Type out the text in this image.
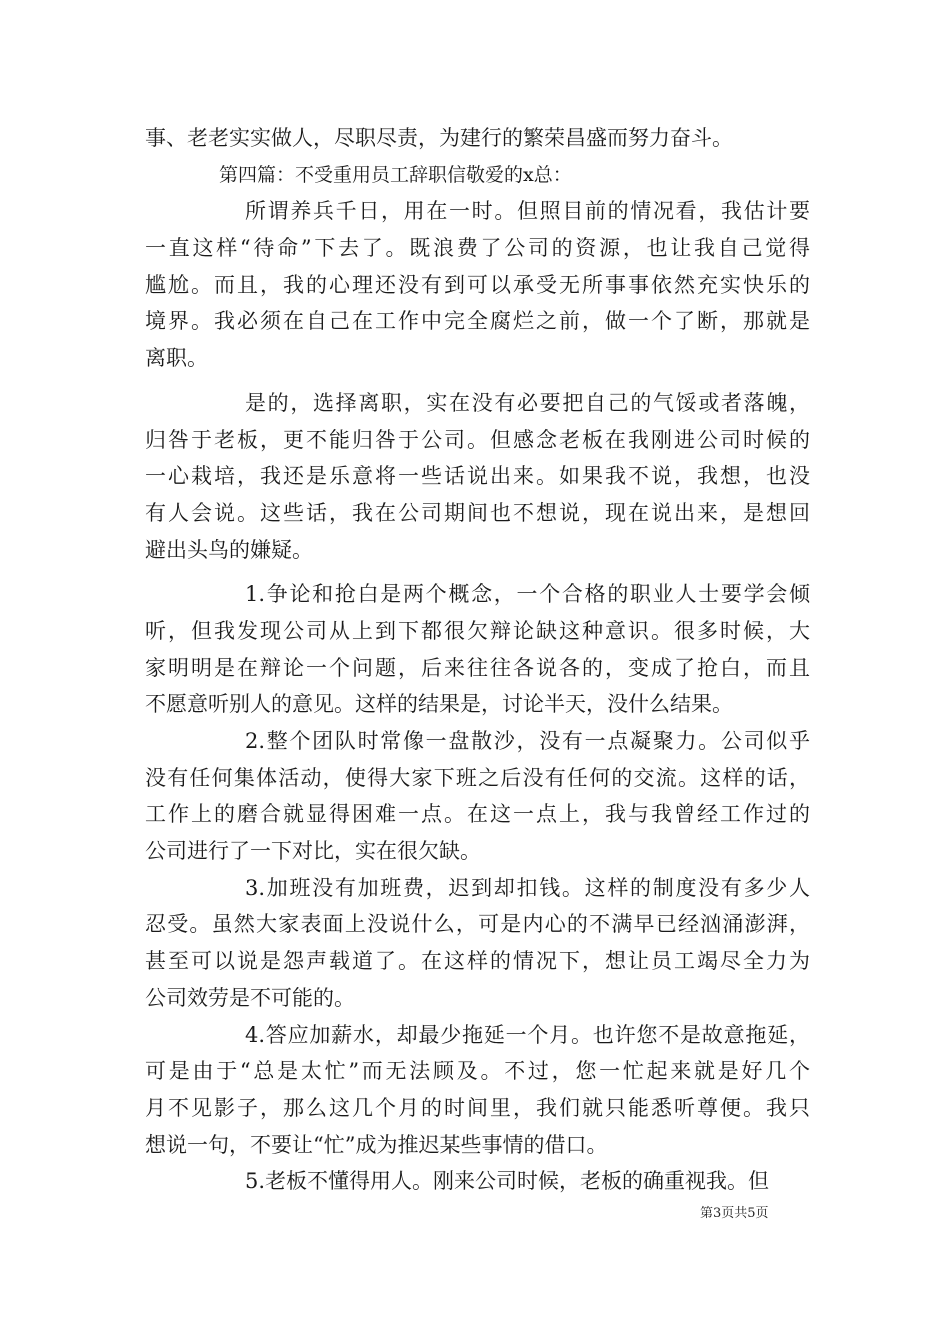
事、老老实实做人，尽职尽责，为建行的繁荣昌盛而努力奋斗。
第四篇：不受重用员工辞职信敬爱的x总：
所谓养兵千日，用在一时。但照目前的情况看，我估计要
一直这样“待命”下去了。既浪费了公司的资源，也让我自己觉得
尴尬。而且，我的心理还没有到可以承受无所事事依然充实快乐的
境界。我必须在自己在工作中完全腐烂之前，做一个了断，那就是
离职。
是的，选择离职，实在没有必要把自己的气馁或者落魄，
归咎于老板，更不能归咎于公司。但感念老板在我刚进公司时候的
一心栽培，我还是乐意将一些话说出来。如果我不说，我想，也没
有人会说。这些话，我在公司期间也不想说，现在说出来，是想回
避出头鸟的嫌疑。
1.争论和抢白是两个概念，一个合格的职业人士要学会倾
听，但我发现公司从上到下都很欠辩论缺这种意识。很多时候，大
家明明是在辩论一个问题，后来往往各说各的，变成了抢白，而且
不愿意听别人的意见。这样的结果是，讨论半天，没什么结果。
2.整个团队时常像一盘散沙，没有一点凝聚力。公司似乎
没有任何集体活动，使得大家下班之后没有任何的交流。这样的话，
工作上的磨合就显得困难一点。在这一点上，我与我曾经工作过的
公司进行了一下对比，实在很欠缺。
3.加班没有加班费，迟到却扣钱。这样的制度没有多少人
忍受。虽然大家表面上没说什么，可是内心的不满早已经汹涌澎湃，
甚至可以说是怨声载道了。在这样的情况下，想让员工竭尽全力为
公司效劳是不可能的。
4.答应加薪水，却最少拖延一个月。也许您不是故意拖延，
可是由于“总是太忙”而无法顾及。不过，您一忙起来就是好几个
月不见影子，那么这几个月的时间里，我们就只能悉听尊便。我只
想说一句，不要让“忙”成为推迟某些事情的借口。
5.老板不懂得用人。刚来公司时候，老板的确重视我。但
第3页共5页
